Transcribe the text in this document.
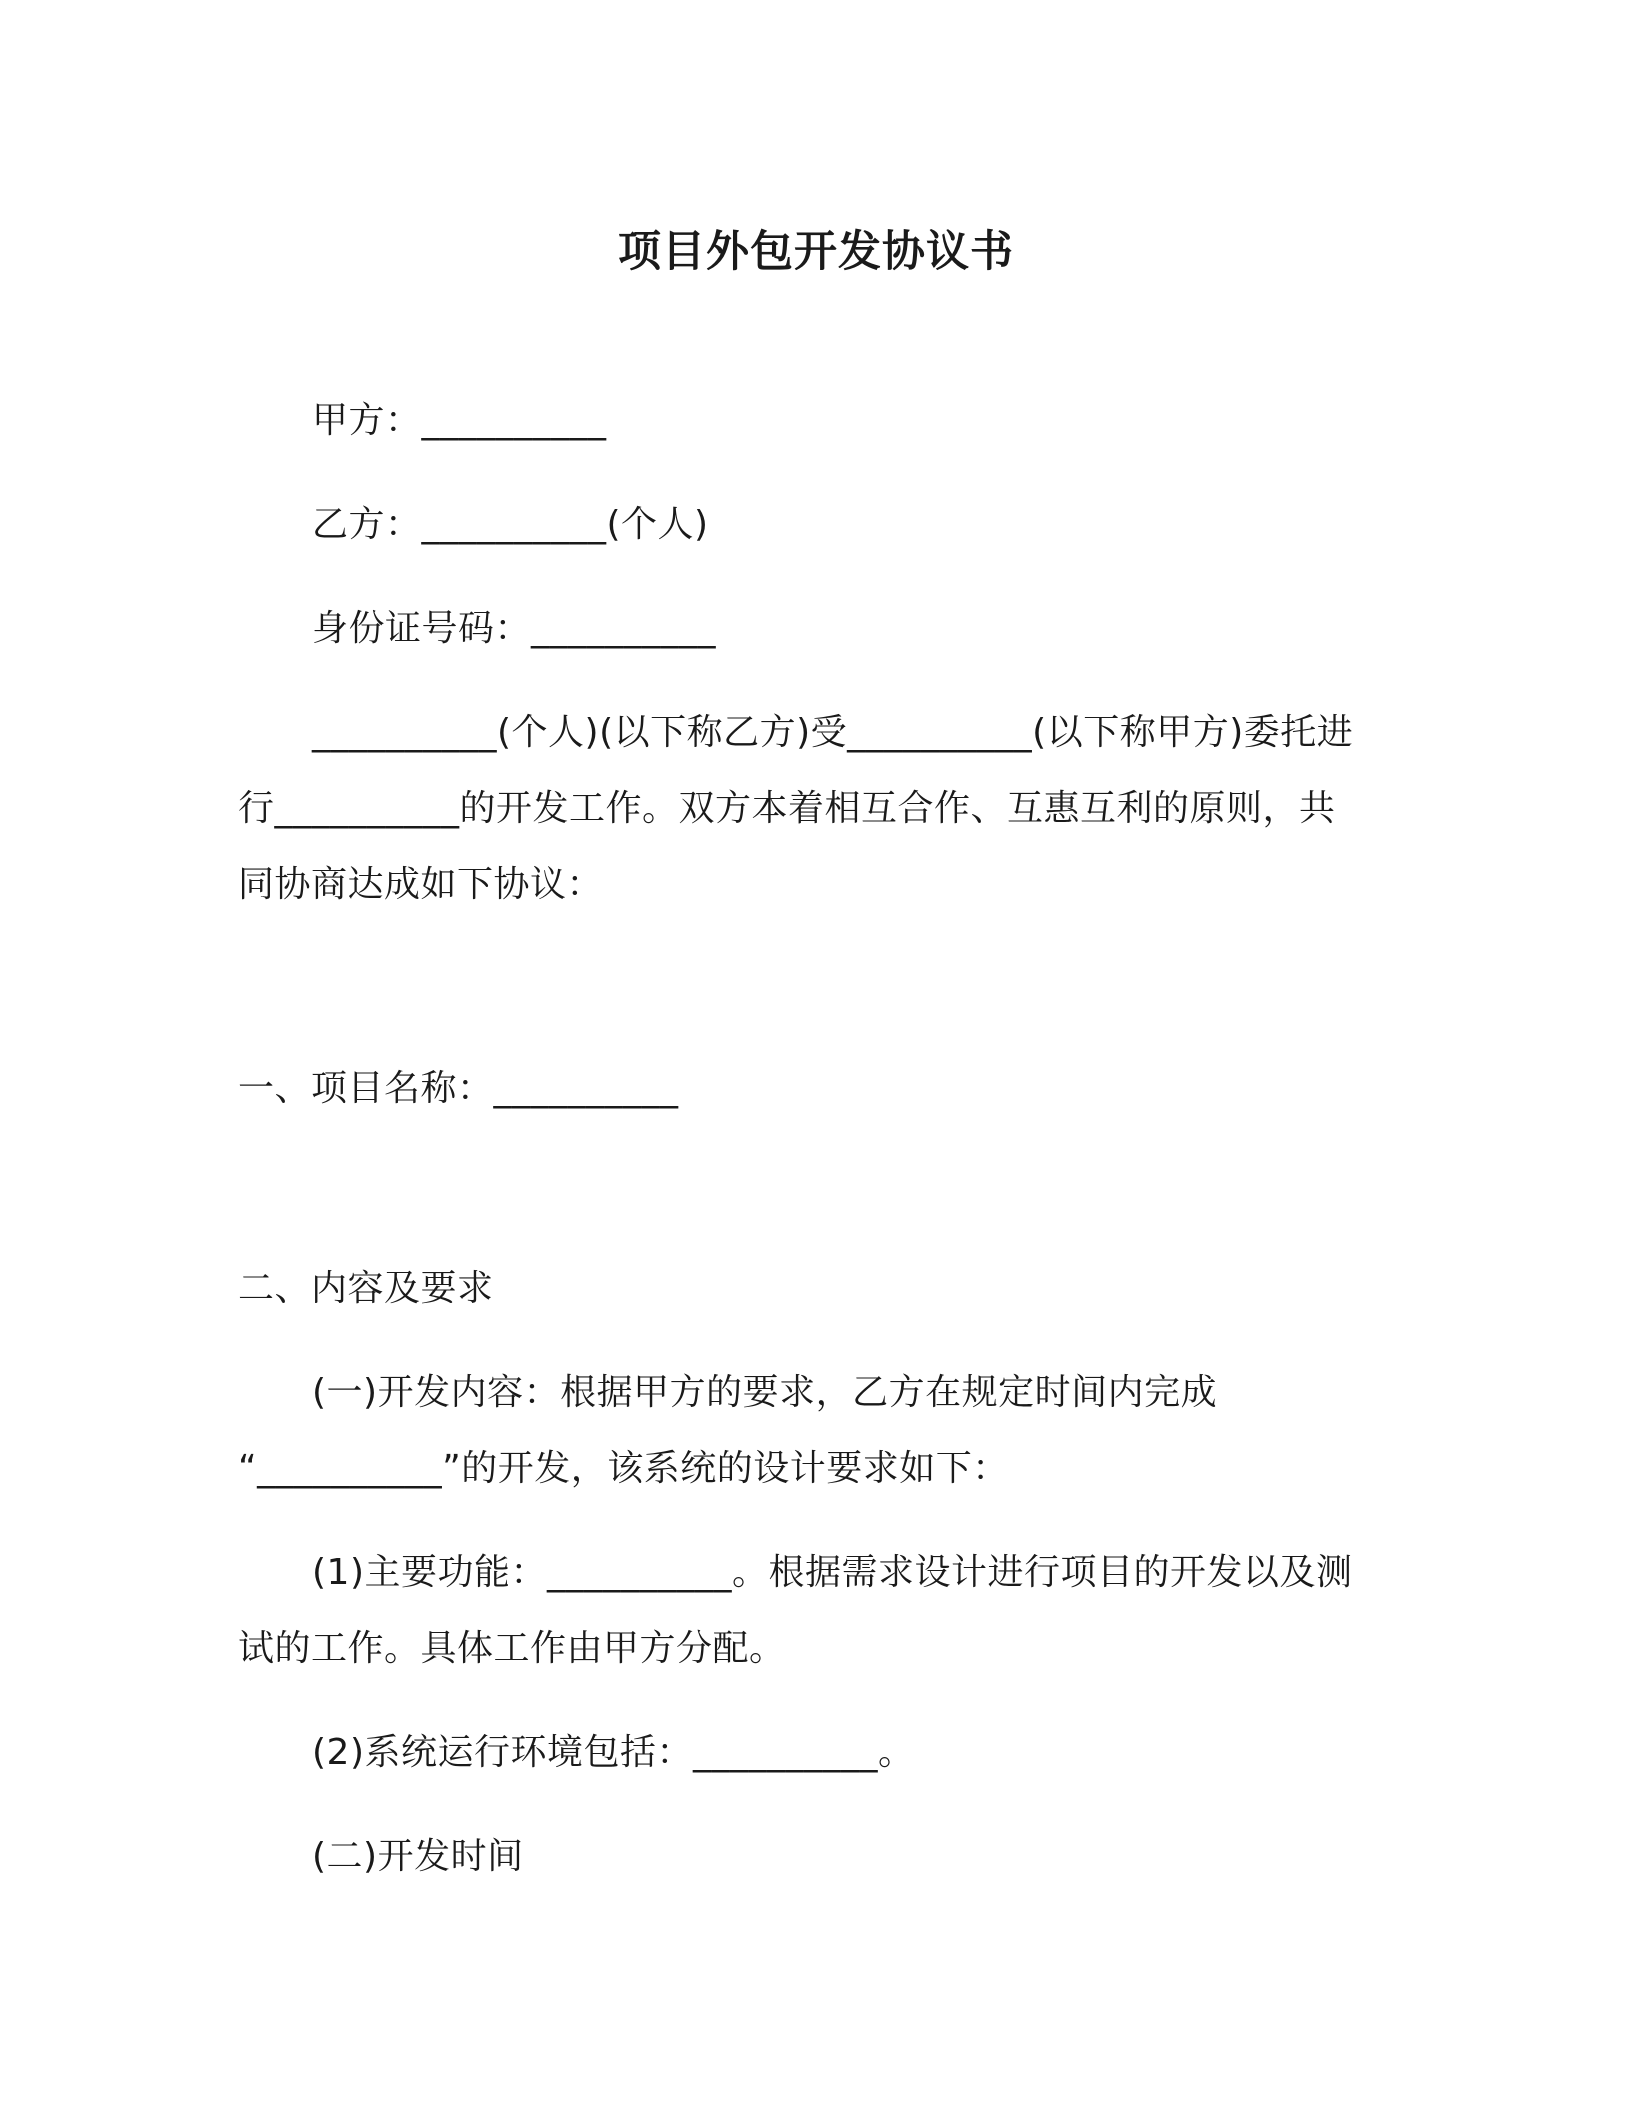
项目外包开发协议书
甲方：__________
乙方：__________(个人)
身份证号码：__________
__________(个人)(以下称乙方)受__________(以下称甲方)委托进
行__________的开发工作。双方本着相互合作、互惠互利的原则，共
同协商达成如下协议：
一、项目名称：__________
二、内容及要求
(一)开发内容：根据甲方的要求，乙方在规定时间内完成
“__________”的开发，该系统的设计要求如下：
(1)主要功能：__________。根据需求设计进行项目的开发以及测
试的工作。具体工作由甲方分配。
(2)系统运行环境包括：__________。
(二)开发时间
